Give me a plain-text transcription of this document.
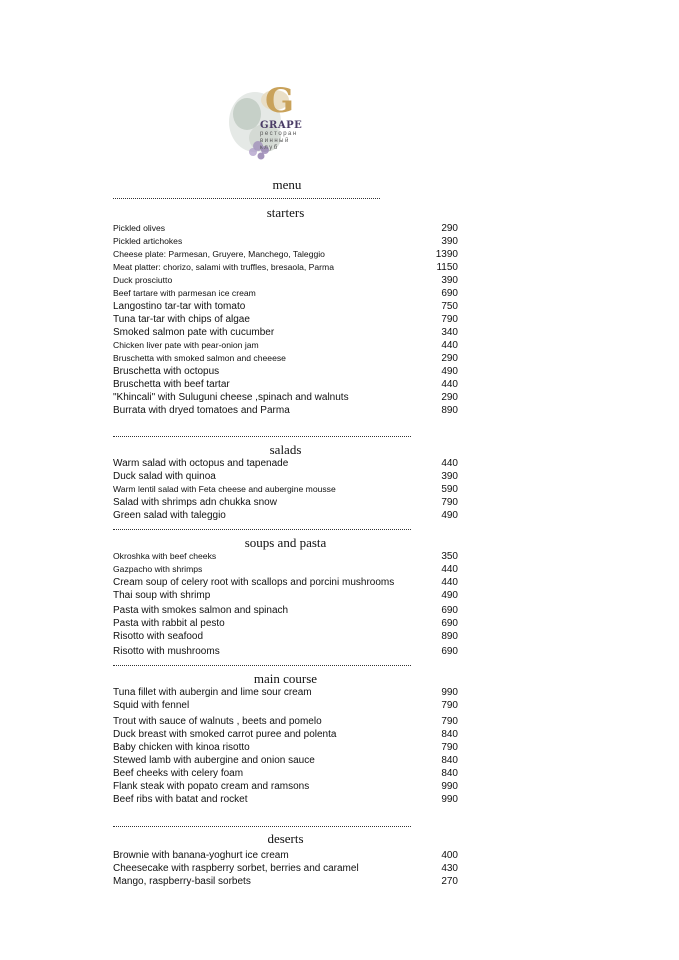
G
GRAPE
ресторан
винный
клуб
menu
starters
Pickled olives	290
Pickled artichokes	390
Cheese plate: Parmesan, Gruyere, Manchego, Taleggio	1390
Meat platter: chorizo, salami with truffles, bresaola, Parma	1150
Duck prosciutto	390
Beef tartare with parmesan ice cream	690
Langostino tar-tar with tomato	750
Tuna tar-tar with chips of algae	790
Smoked salmon pate with cucumber	340
Chicken liver pate with pear-onion jam	440
Bruschetta with smoked salmon and cheeese	290
Bruschetta with octopus	490
Bruschetta with beef tartar	440
"Khincali" with Suluguni cheese ,spinach and walnuts	290
Burrata with dryed tomatoes and Parma	890
salads
Warm salad with octopus and tapenade	440
Duck salad with quinoa	390
Warm lentil salad with Feta cheese and aubergine mousse	590
Salad with shrimps adn chukka snow	790
Green salad with taleggio	490
soups and pasta
Okroshka with beef cheeks	350
Gazpacho with shrimps	440
Cream soup of celery root with scallops and porcini mushrooms	440
Thai soup with shrimp	490
Pasta with smokes salmon and spinach	690
Pasta with rabbit al pesto	690
Risotto with seafood	890
Risotto with mushrooms	690
main course
Tuna fillet with aubergin and lime sour cream	990
Squid with fennel	790
Trout with sauce of walnuts , beets and pomelo	790
Duck breast with smoked carrot puree and polenta	840
Baby chicken with kinoa risotto	790
Stewed lamb with aubergine and onion sauce	840
Beef cheeks with celery foam	840
Flank steak with popato cream and ramsons	990
Beef ribs with batat and rocket	990
deserts
Brownie with banana-yoghurt ice cream	400
Cheesecake with raspberry sorbet, berries and caramel	430
Mango, raspberry-basil sorbets	270
